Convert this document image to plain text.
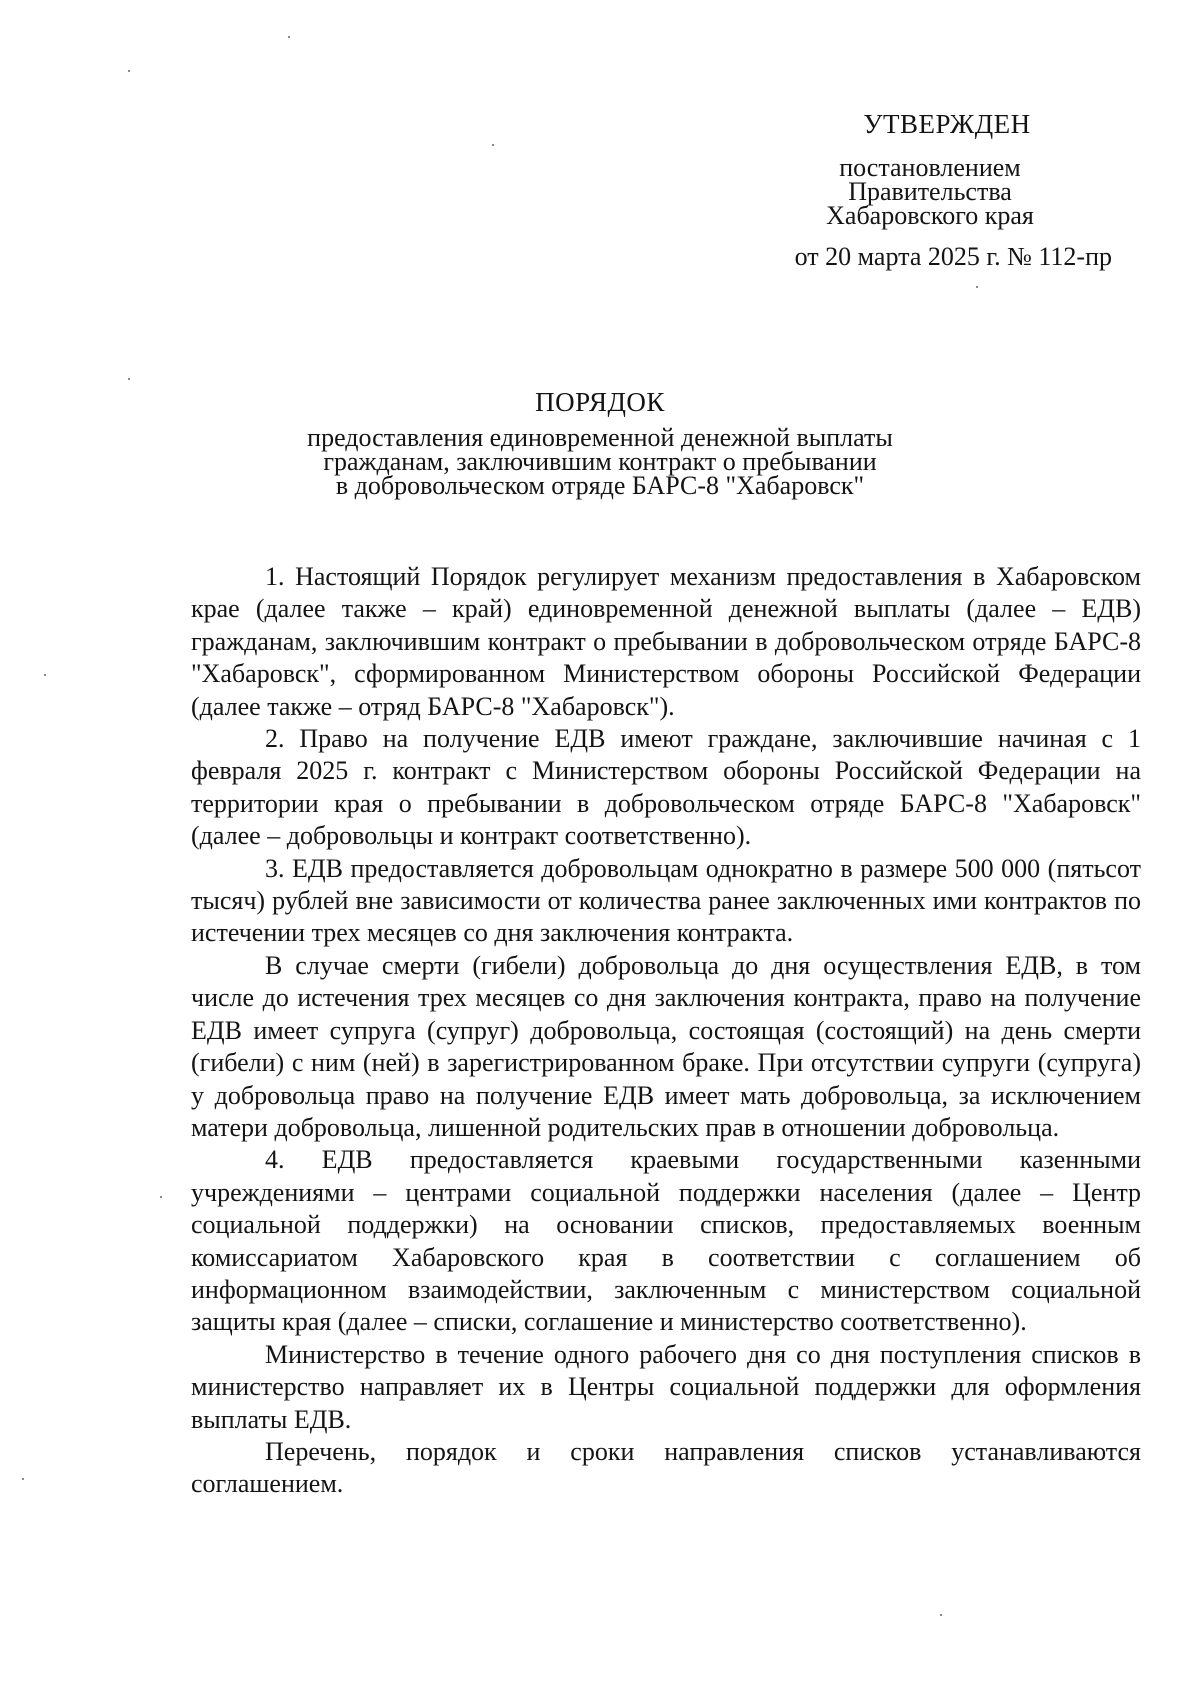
УТВЕРЖДЕН
постановлением
Правительства
Хабаровского края
от 20 марта 2025 г. № 112-пр
ПОРЯДОК
предоставления единовременной денежной выплаты
гражданам, заключившим контракт о пребывании
в добровольческом отряде БАРС-8 "Хабаровск"

1. Настоящий Порядок регулирует механизм предоставления в Хабаровском крае (далее также – край) единовременной денежной выплаты (далее – ЕДВ) гражданам, заключившим контракт о пребывании в добровольческом отряде БАРС-8 "Хабаровск", сформированном Министерством обороны Российской Федерации (далее также – отряд БАРС-8 "Хабаровск").

2. Право на получение ЕДВ имеют граждане, заключившие начиная с 1 февраля 2025 г. контракт с Министерством обороны Российской Федерации на территории края о пребывании в добровольческом отряде БАРС-8 "Хабаровск" (далее – добровольцы и контракт соответственно).

3. ЕДВ предоставляется добровольцам однократно в размере 500 000 (пятьсот тысяч) рублей вне зависимости от количества ранее заключенных ими контрактов по истечении трех месяцев со дня заключения контракта.

В случае смерти (гибели) добровольца до дня осуществления ЕДВ, в том числе до истечения трех месяцев со дня заключения контракта, право на получение ЕДВ имеет супруга (супруг) добровольца, состоящая (состоящий) на день смерти (гибели) с ним (ней) в зарегистрированном браке. При отсутствии супруги (супруга) у добровольца право на получение ЕДВ имеет мать добровольца, за исключением матери добровольца, лишенной родительских прав в отношении добровольца.

4. ЕДВ предоставляется краевыми государственными казенными учреждениями – центрами социальной поддержки населения (далее – Центр социальной поддержки) на основании списков, предоставляемых военным комиссариатом Хабаровского края в соответствии с соглашением об информационном взаимодействии, заключенным с министерством социальной защиты края (далее – списки, соглашение и министерство соответственно).

Министерство в течение одного рабочего дня со дня поступления списков в министерство направляет их в Центры социальной поддержки для оформления выплаты ЕДВ.

Перечень, порядок и сроки направления списков устанавливаются соглашением.
